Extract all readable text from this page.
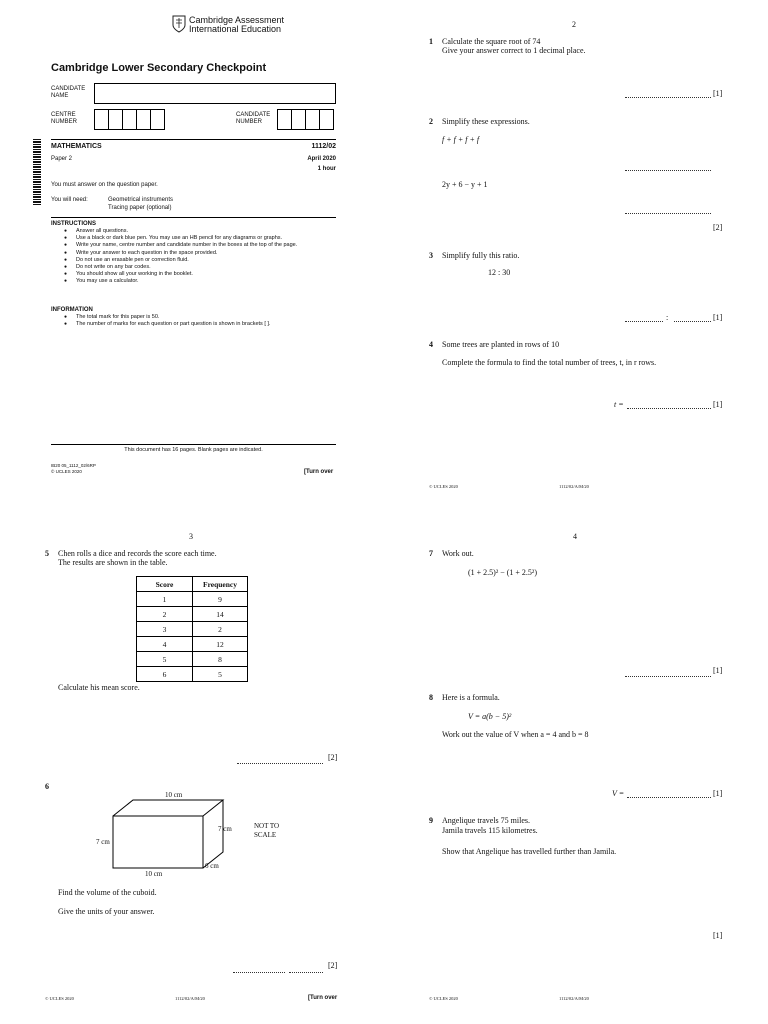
Cambridge Assessment
International Education
Cambridge Lower Secondary Checkpoint
CANDIDATE NAME
CENTRE NUMBER
CANDIDATE NUMBER
MATHEMATICS	1112/02
Paper 2	April 2020
1 hour
You must answer on the question paper.
You will need:	Geometrical instruments
Tracing paper (optional)
INSTRUCTIONS
● Answer all questions.
● Use a black or dark blue pen. You may use an HB pencil for any diagrams or graphs.
● Write your name, centre number and candidate number in the boxes at the top of the page.
● Write your answer to each question in the space provided.
● Do not use an erasable pen or correction fluid.
● Do not write on any bar codes.
● You should show all your working in the booklet.
● You may use a calculator.
INFORMATION
● The total mark for this paper is 50.
● The number of marks for each question or part question is shown in brackets [ ].
This document has 16 pages. Blank pages are indicated.
IB20 05_1112_02/6RP
© UCLES 2020	[Turn over
2
1 Calculate the square root of 74
Give your answer correct to 1 decimal place.
[1]
2 Simplify these expressions.
f + f + f + f
2y + 6 − y + 1
[2]
3 Simplify fully this ratio.
12 : 30
:	[1]
4 Some trees are planted in rows of 10
Complete the formula to find the total number of trees, t, in r rows.
t =	[1]
© UCLES 2020	1112/02/A/M/20
3
5 Chen rolls a dice and records the score each time.
The results are shown in the table.
Score	Frequency
1	9
2	14
3	2
4	12
5	8
6	5
Calculate his mean score.
[2]
6
10 cm
7 cm
7 cm
6 cm
10 cm
NOT TO
SCALE
Find the volume of the cuboid.
Give the units of your answer.
[2]
© UCLES 2020	1112/02/A/M/20	[Turn over
4
7 Work out.
(1 + 2.5)² − (1 + 2.5²)
[1]
8 Here is a formula.
V = a(b − 5)²
Work out the value of V when a = 4 and b = 8
V =	[1]
9 Angelique travels 75 miles.
Jamila travels 115 kilometres.
Show that Angelique has travelled further than Jamila.
[1]
© UCLES 2020	1112/02/A/M/20
